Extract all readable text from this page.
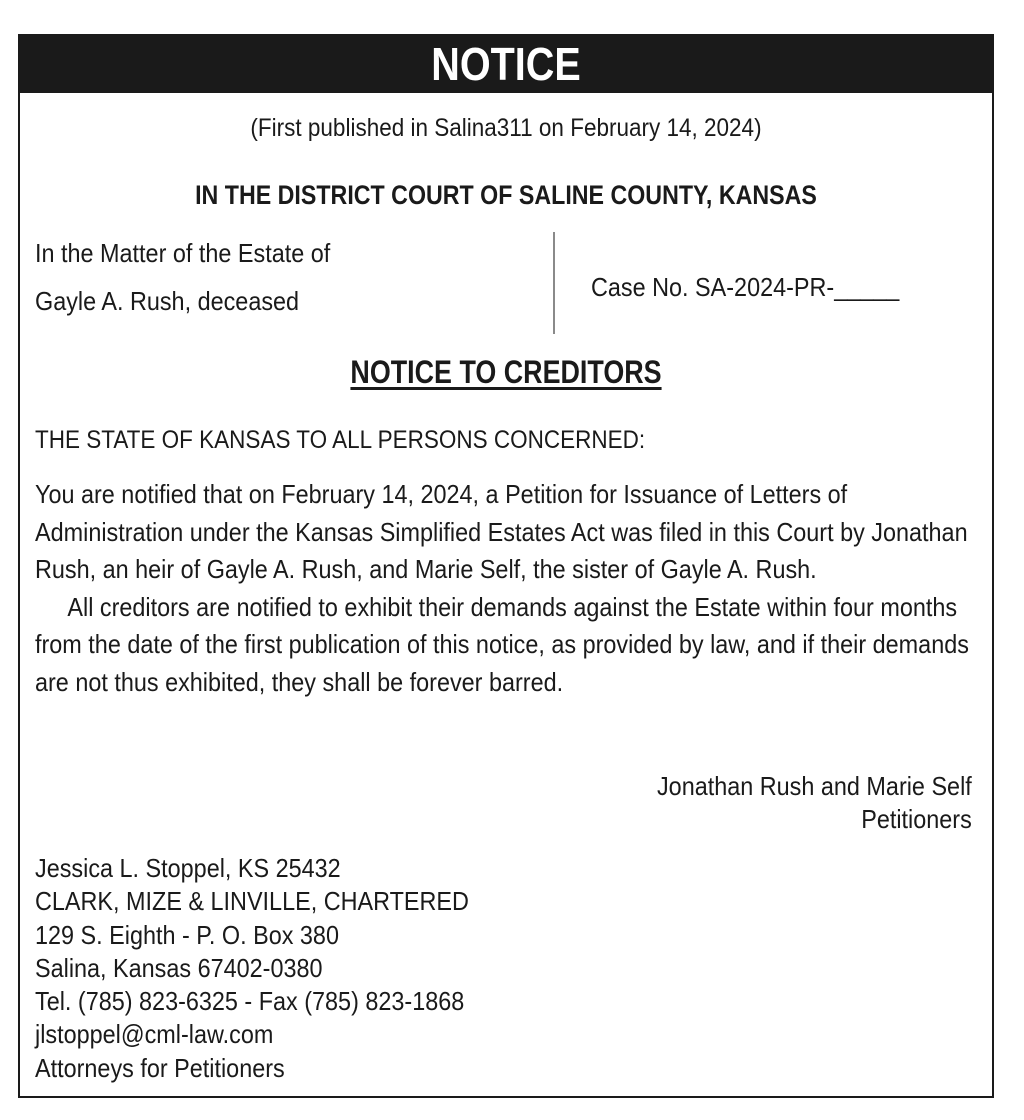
NOTICE
(First published in Salina311 on February 14, 2024)
IN THE DISTRICT COURT OF SALINE COUNTY, KANSAS
In the Matter of the Estate of
Gayle A. Rush, deceased	Case No. SA-2024-PR-_____
NOTICE TO CREDITORS
THE STATE OF KANSAS TO ALL PERSONS CONCERNED:

You are notified that on February 14, 2024, a Petition for Issuance of Letters of Administration under the Kansas Simplified Estates Act was filed in this Court by Jonathan Rush, an heir of Gayle A. Rush, and Marie Self, the sister of Gayle A. Rush.

All creditors are notified to exhibit their demands against the Estate within four months from the date of the first publication of this notice, as provided by law, and if their demands are not thus exhibited, they shall be forever barred.

Jonathan Rush and Marie Self
Petitioners
Jessica L. Stoppel, KS 25432
CLARK, MIZE & LINVILLE, CHARTERED
129 S. Eighth - P. O. Box 380
Salina, Kansas 67402-0380
Tel. (785) 823-6325 - Fax (785) 823-1868
jlstoppel@cml-law.com
Attorneys for Petitioners
